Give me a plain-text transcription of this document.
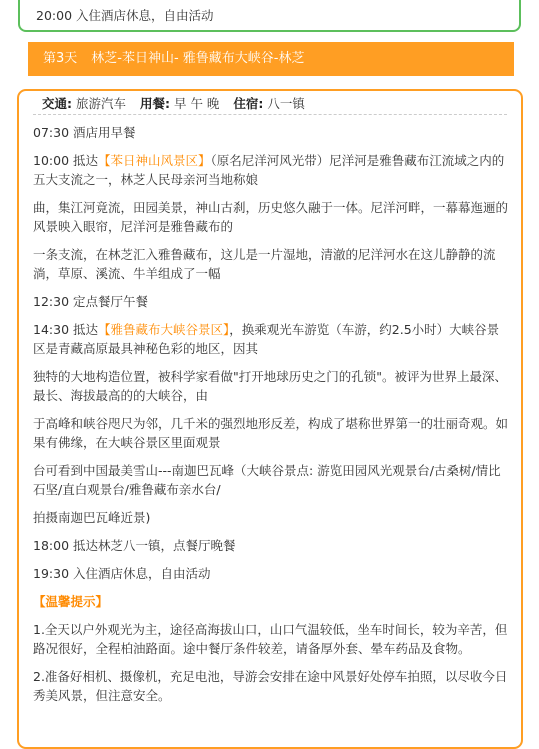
20:00 入住酒店休息，自由活动
第3天 林芝-苯日神山- 雅鲁藏布大峡谷-林芝
交通: 旅游汽车 用餐: 早 午 晚 住宿: 八一镇

07:30 酒店用早餐

10:00 抵达【苯日神山风景区】（原名尼洋河风光带）尼洋河是雅鲁藏布江流域之内的五大支流之一，林芝人民母亲河当地称娘

曲，集江河竟流，田园美景，神山古刹，历史悠久融于一体。尼洋河畔，一幕幕迤逦的风景映入眼帘，尼洋河是雅鲁藏布的

一条支流，在林芝汇入雅鲁藏布，这儿是一片湿地，清澈的尼洋河水在这儿静静的流淌，草原、溪流、牛羊组成了一幅

12:30 定点餐厅午餐

14:30 抵达【雅鲁藏布大峡谷景区】，换乘观光车游览（车游，约2.5小时）大峡谷景区是青藏高原最具神秘色彩的地区，因其

独特的大地构造位置，被科学家看做"打开地球历史之门的孔锁"。被评为世界上最深、最长、海拔最高的的大峡谷，由

于高峰和峡谷咫尺为邻，几千米的强烈地形反差，构成了堪称世界第一的壮丽奇观。如果有佛缘，在大峡谷景区里面观景

台可看到中国最美雪山---南迦巴瓦峰（大峡谷景点: 游览田园风光观景台/古桑树/情比石坚/直白观景台/雅鲁藏布亲水台/

拍摄南迦巴瓦峰近景)

18:00 抵达林芝八一镇，点餐厅晚餐

19:30 入住酒店休息，自由活动

【温馨提示】

1.全天以户外观光为主，途径高海拔山口，山口气温较低，坐车时间长，较为辛苦，但路况很好，全程柏油路面。途中餐厅条件较差，请备厚外套、晕车药品及食物。

2.准备好相机、摄像机，充足电池，导游会安排在途中风景好处停车拍照，以尽收今日秀美风景，但注意安全。
